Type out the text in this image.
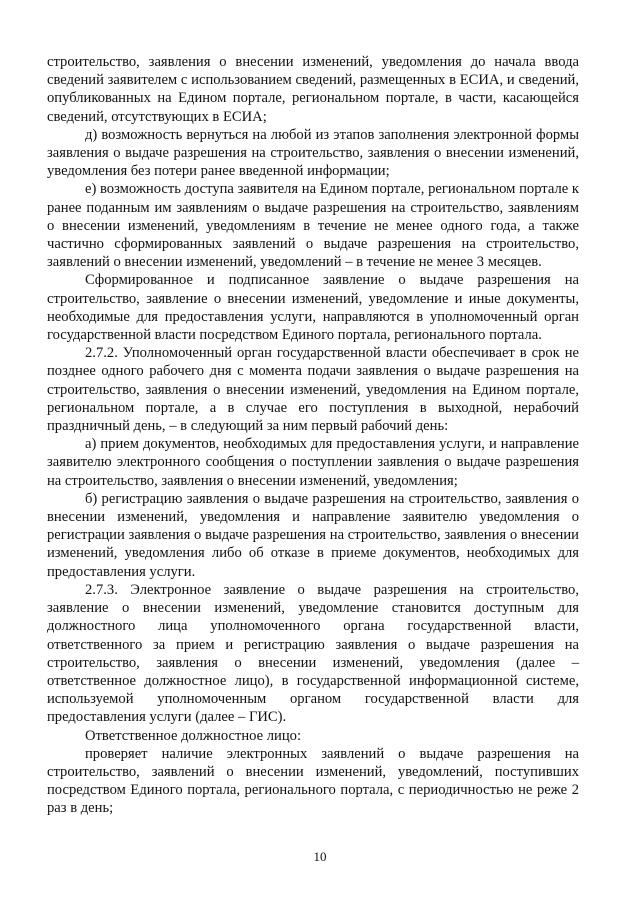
строительство, заявления о внесении изменений, уведомления до начала ввода сведений заявителем с использованием сведений, размещенных в ЕСИА, и сведений, опубликованных на Едином портале, региональном портале, в части, касающейся сведений, отсутствующих в ЕСИА;

д) возможность вернуться на любой из этапов заполнения электронной формы заявления о выдаче разрешения на строительство, заявления о внесении изменений, уведомления без потери ранее введенной информации;

е) возможность доступа заявителя на Едином портале, региональном портале к ранее поданным им заявлениям о выдаче разрешения на строительство, заявлениям о внесении изменений, уведомлениям в течение не менее одного года, а также частично сформированных заявлений о выдаче разрешения на строительство, заявлений о внесении изменений, уведомлений – в течение не менее 3 месяцев.

Сформированное и подписанное заявление о выдаче разрешения на строительство, заявление о внесении изменений, уведомление и иные документы, необходимые для предоставления услуги, направляются в уполномоченный орган государственной власти посредством Единого портала, регионального портала.

2.7.2. Уполномоченный орган государственной власти обеспечивает в срок не позднее одного рабочего дня с момента подачи заявления о выдаче разрешения на строительство, заявления о внесении изменений, уведомления на Едином портале, региональном портале, а в случае его поступления в выходной, нерабочий праздничный день, – в следующий за ним первый рабочий день:

а) прием документов, необходимых для предоставления услуги, и направление заявителю электронного сообщения о поступлении заявления о выдаче разрешения на строительство, заявления о внесении изменений, уведомления;

б) регистрацию заявления о выдаче разрешения на строительство, заявления о внесении изменений, уведомления и направление заявителю уведомления о регистрации заявления о выдаче разрешения на строительство, заявления о внесении изменений, уведомления либо об отказе в приеме документов, необходимых для предоставления услуги.

2.7.3. Электронное заявление о выдаче разрешения на строительство, заявление о внесении изменений, уведомление становится доступным для должностного лица уполномоченного органа государственной власти, ответственного за прием и регистрацию заявления о выдаче разрешения на строительство, заявления о внесении изменений, уведомления (далее – ответственное должностное лицо), в государственной информационной системе, используемой уполномоченным органом государственной власти для предоставления услуги (далее – ГИС).

Ответственное должностное лицо:

проверяет наличие электронных заявлений о выдаче разрешения на строительство, заявлений о внесении изменений, уведомлений, поступивших посредством Единого портала, регионального портала, с периодичностью не реже 2 раз в день;

10
